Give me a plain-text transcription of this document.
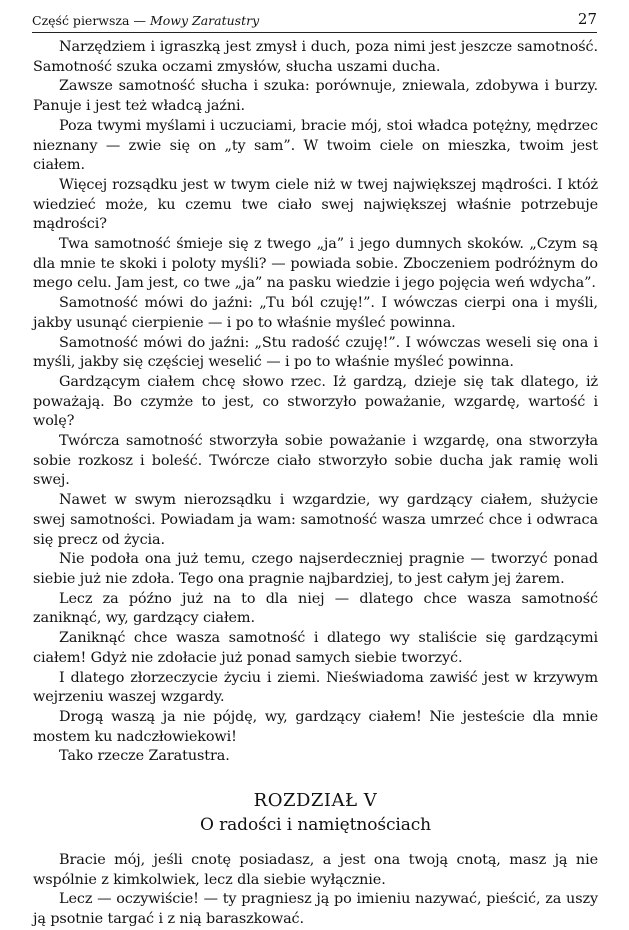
Część pierwsza — Mowy Zaratustry	27

Narzędziem i igraszką jest zmysł i duch, poza nimi jest jeszcze samotność. Samotność szuka oczami zmysłów, słucha uszami ducha.

Zawsze samotność słucha i szuka: porównuje, zniewala, zdobywa i burzy. Panuje i jest też władcą jaźni.

Poza twymi myślami i uczuciami, bracie mój, stoi władca potężny, mędrzec nieznany — zwie się on „ty sam”. W twoim ciele on mieszka, twoim jest ciałem.

Więcej rozsądku jest w twym ciele niż w twej największej mądrości. I któż wiedzieć może, ku czemu twe ciało swej największej właśnie potrzebuje mądrości?

Twa samotność śmieje się z twego „ja” i jego dumnych skoków. „Czym są dla mnie te skoki i poloty myśli? — powiada sobie. Zboczeniem podróżnym do mego celu. Jam jest, co twe „ja” na pasku wiedzie i jego pojęcia weń wdycha”.

Samotność mówi do jaźni: „Tu ból czuję!”. I wówczas cierpi ona i myśli, jakby usunąć cierpienie — i po to właśnie myśleć powinna.

Samotność mówi do jaźni: „Stu radość czuję!”. I wówczas weseli się ona i myśli, jakby się częściej weselić — i po to właśnie myśleć powinna.

Gardzącym ciałem chcę słowo rzec. Iż gardzą, dzieje się tak dlatego, iż poważają. Bo czymże to jest, co stworzyło poważanie, wzgardę, wartość i wolę?

Twórcza samotność stworzyła sobie poważanie i wzgardę, ona stworzyła sobie rozkosz i boleść. Twórcze ciało stworzyło sobie ducha jak ramię woli swej.

Nawet w swym nierozsądku i wzgardzie, wy gardzący ciałem, służycie swej samotności. Powiadam ja wam: samotność wasza umrzeć chce i odwraca się precz od życia.

Nie podoła ona już temu, czego najserdeczniej pragnie — tworzyć ponad siebie już nie zdoła. Tego ona pragnie najbardziej, to jest całym jej żarem.

Lecz za późno już na to dla niej — dlatego chce wasza samotność zaniknąć, wy, gardzący ciałem.

Zaniknąć chce wasza samotność i dlatego wy staliście się gardzącymi ciałem! Gdyż nie zdołacie już ponad samych siebie tworzyć.

I dlatego złorzeczycie życiu i ziemi. Nieświadoma zawiść jest w krzywym wejrzeniu waszej wzgardy.

Drogą waszą ja nie pójdę, wy, gardzący ciałem! Nie jesteście dla mnie mostem ku nadczłowiekowi!

Tako rzecze Zaratustra.

ROZDZIAŁ V
O radości i namiętnościach

Bracie mój, jeśli cnotę posiadasz, a jest ona twoją cnotą, masz ją nie wspólnie z kimkolwiek, lecz dla siebie wyłącznie.

Lecz — oczywiście! — ty pragniesz ją po imieniu nazywać, pieścić, za uszy ją psotnie targać i z nią baraszkować.
